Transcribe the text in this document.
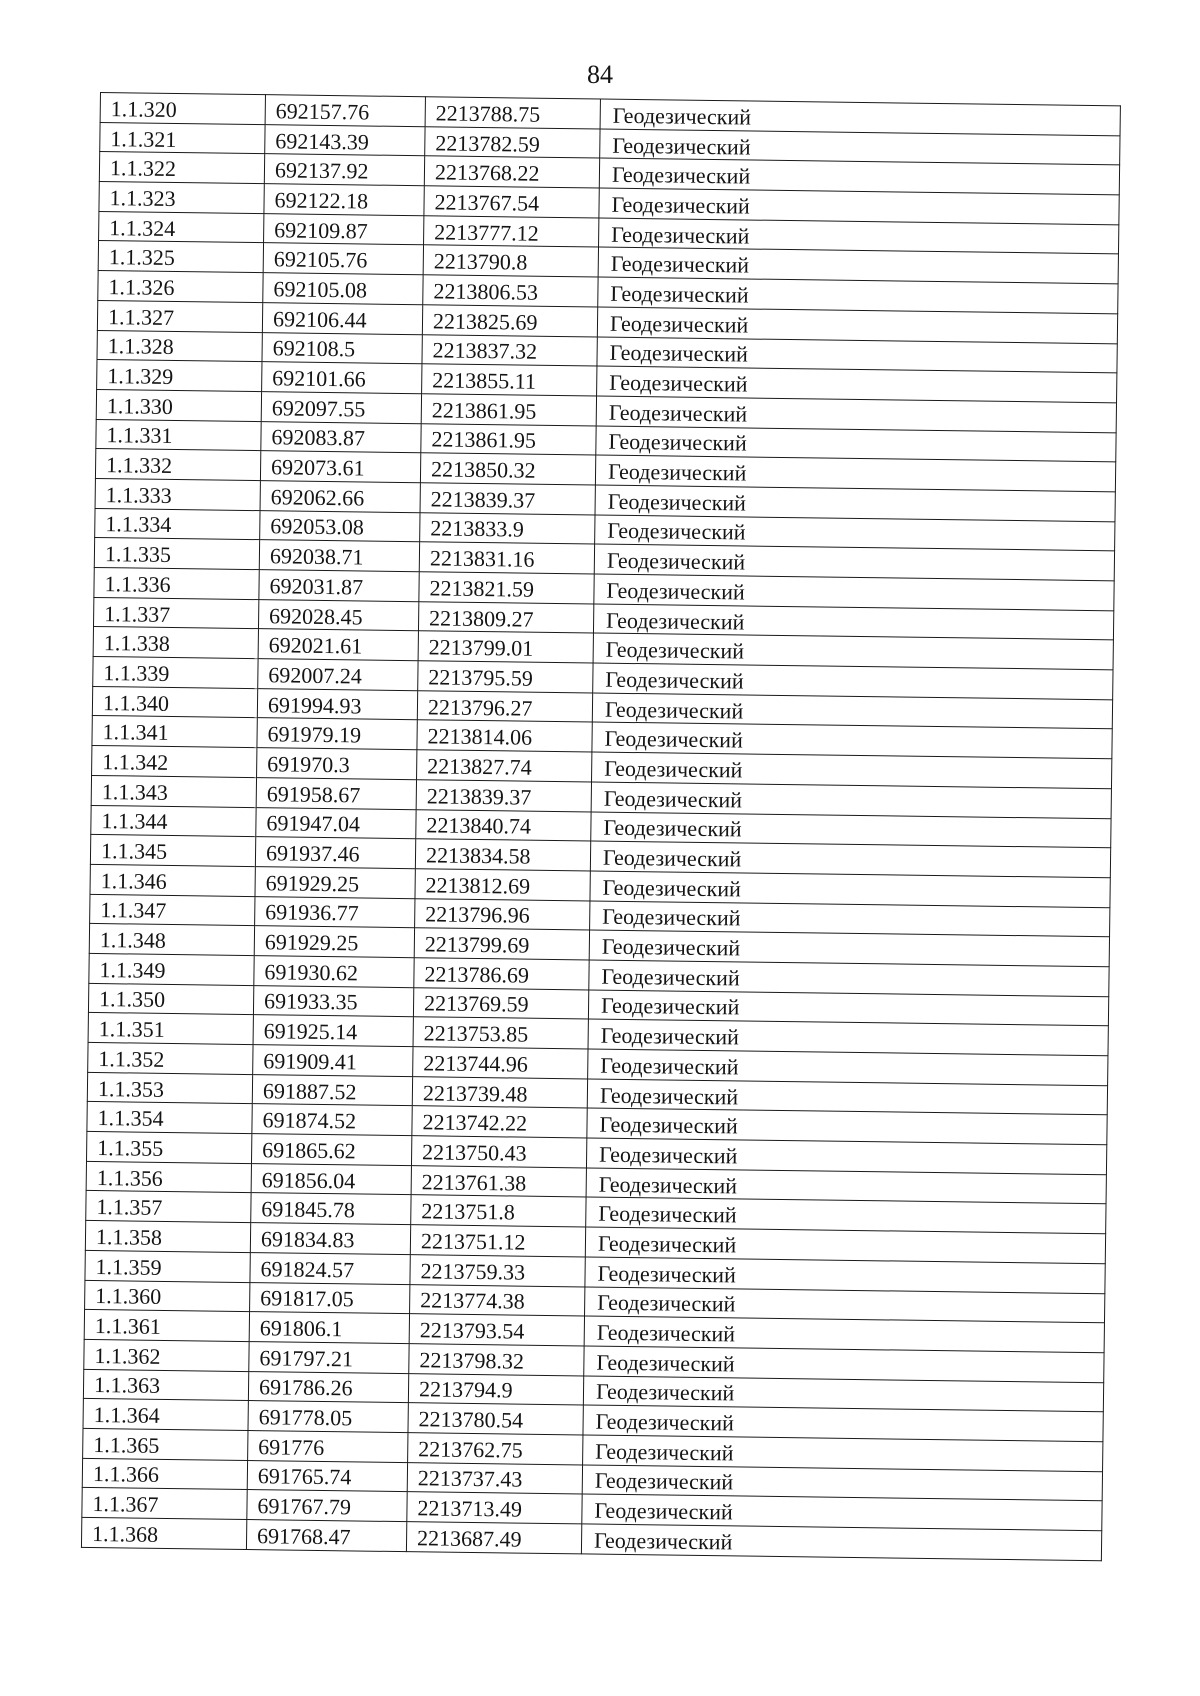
84
1.1.320	692157.76	2213788.75	Геодезический
1.1.321	692143.39	2213782.59	Геодезический
1.1.322	692137.92	2213768.22	Геодезический
1.1.323	692122.18	2213767.54	Геодезический
1.1.324	692109.87	2213777.12	Геодезический
1.1.325	692105.76	2213790.8	Геодезический
1.1.326	692105.08	2213806.53	Геодезический
1.1.327	692106.44	2213825.69	Геодезический
1.1.328	692108.5	2213837.32	Геодезический
1.1.329	692101.66	2213855.11	Геодезический
1.1.330	692097.55	2213861.95	Геодезический
1.1.331	692083.87	2213861.95	Геодезический
1.1.332	692073.61	2213850.32	Геодезический
1.1.333	692062.66	2213839.37	Геодезический
1.1.334	692053.08	2213833.9	Геодезический
1.1.335	692038.71	2213831.16	Геодезический
1.1.336	692031.87	2213821.59	Геодезический
1.1.337	692028.45	2213809.27	Геодезический
1.1.338	692021.61	2213799.01	Геодезический
1.1.339	692007.24	2213795.59	Геодезический
1.1.340	691994.93	2213796.27	Геодезический
1.1.341	691979.19	2213814.06	Геодезический
1.1.342	691970.3	2213827.74	Геодезический
1.1.343	691958.67	2213839.37	Геодезический
1.1.344	691947.04	2213840.74	Геодезический
1.1.345	691937.46	2213834.58	Геодезический
1.1.346	691929.25	2213812.69	Геодезический
1.1.347	691936.77	2213796.96	Геодезический
1.1.348	691929.25	2213799.69	Геодезический
1.1.349	691930.62	2213786.69	Геодезический
1.1.350	691933.35	2213769.59	Геодезический
1.1.351	691925.14	2213753.85	Геодезический
1.1.352	691909.41	2213744.96	Геодезический
1.1.353	691887.52	2213739.48	Геодезический
1.1.354	691874.52	2213742.22	Геодезический
1.1.355	691865.62	2213750.43	Геодезический
1.1.356	691856.04	2213761.38	Геодезический
1.1.357	691845.78	2213751.8	Геодезический
1.1.358	691834.83	2213751.12	Геодезический
1.1.359	691824.57	2213759.33	Геодезический
1.1.360	691817.05	2213774.38	Геодезический
1.1.361	691806.1	2213793.54	Геодезический
1.1.362	691797.21	2213798.32	Геодезический
1.1.363	691786.26	2213794.9	Геодезический
1.1.364	691778.05	2213780.54	Геодезический
1.1.365	691776	2213762.75	Геодезический
1.1.366	691765.74	2213737.43	Геодезический
1.1.367	691767.79	2213713.49	Геодезический
1.1.368	691768.47	2213687.49	Геодезический
